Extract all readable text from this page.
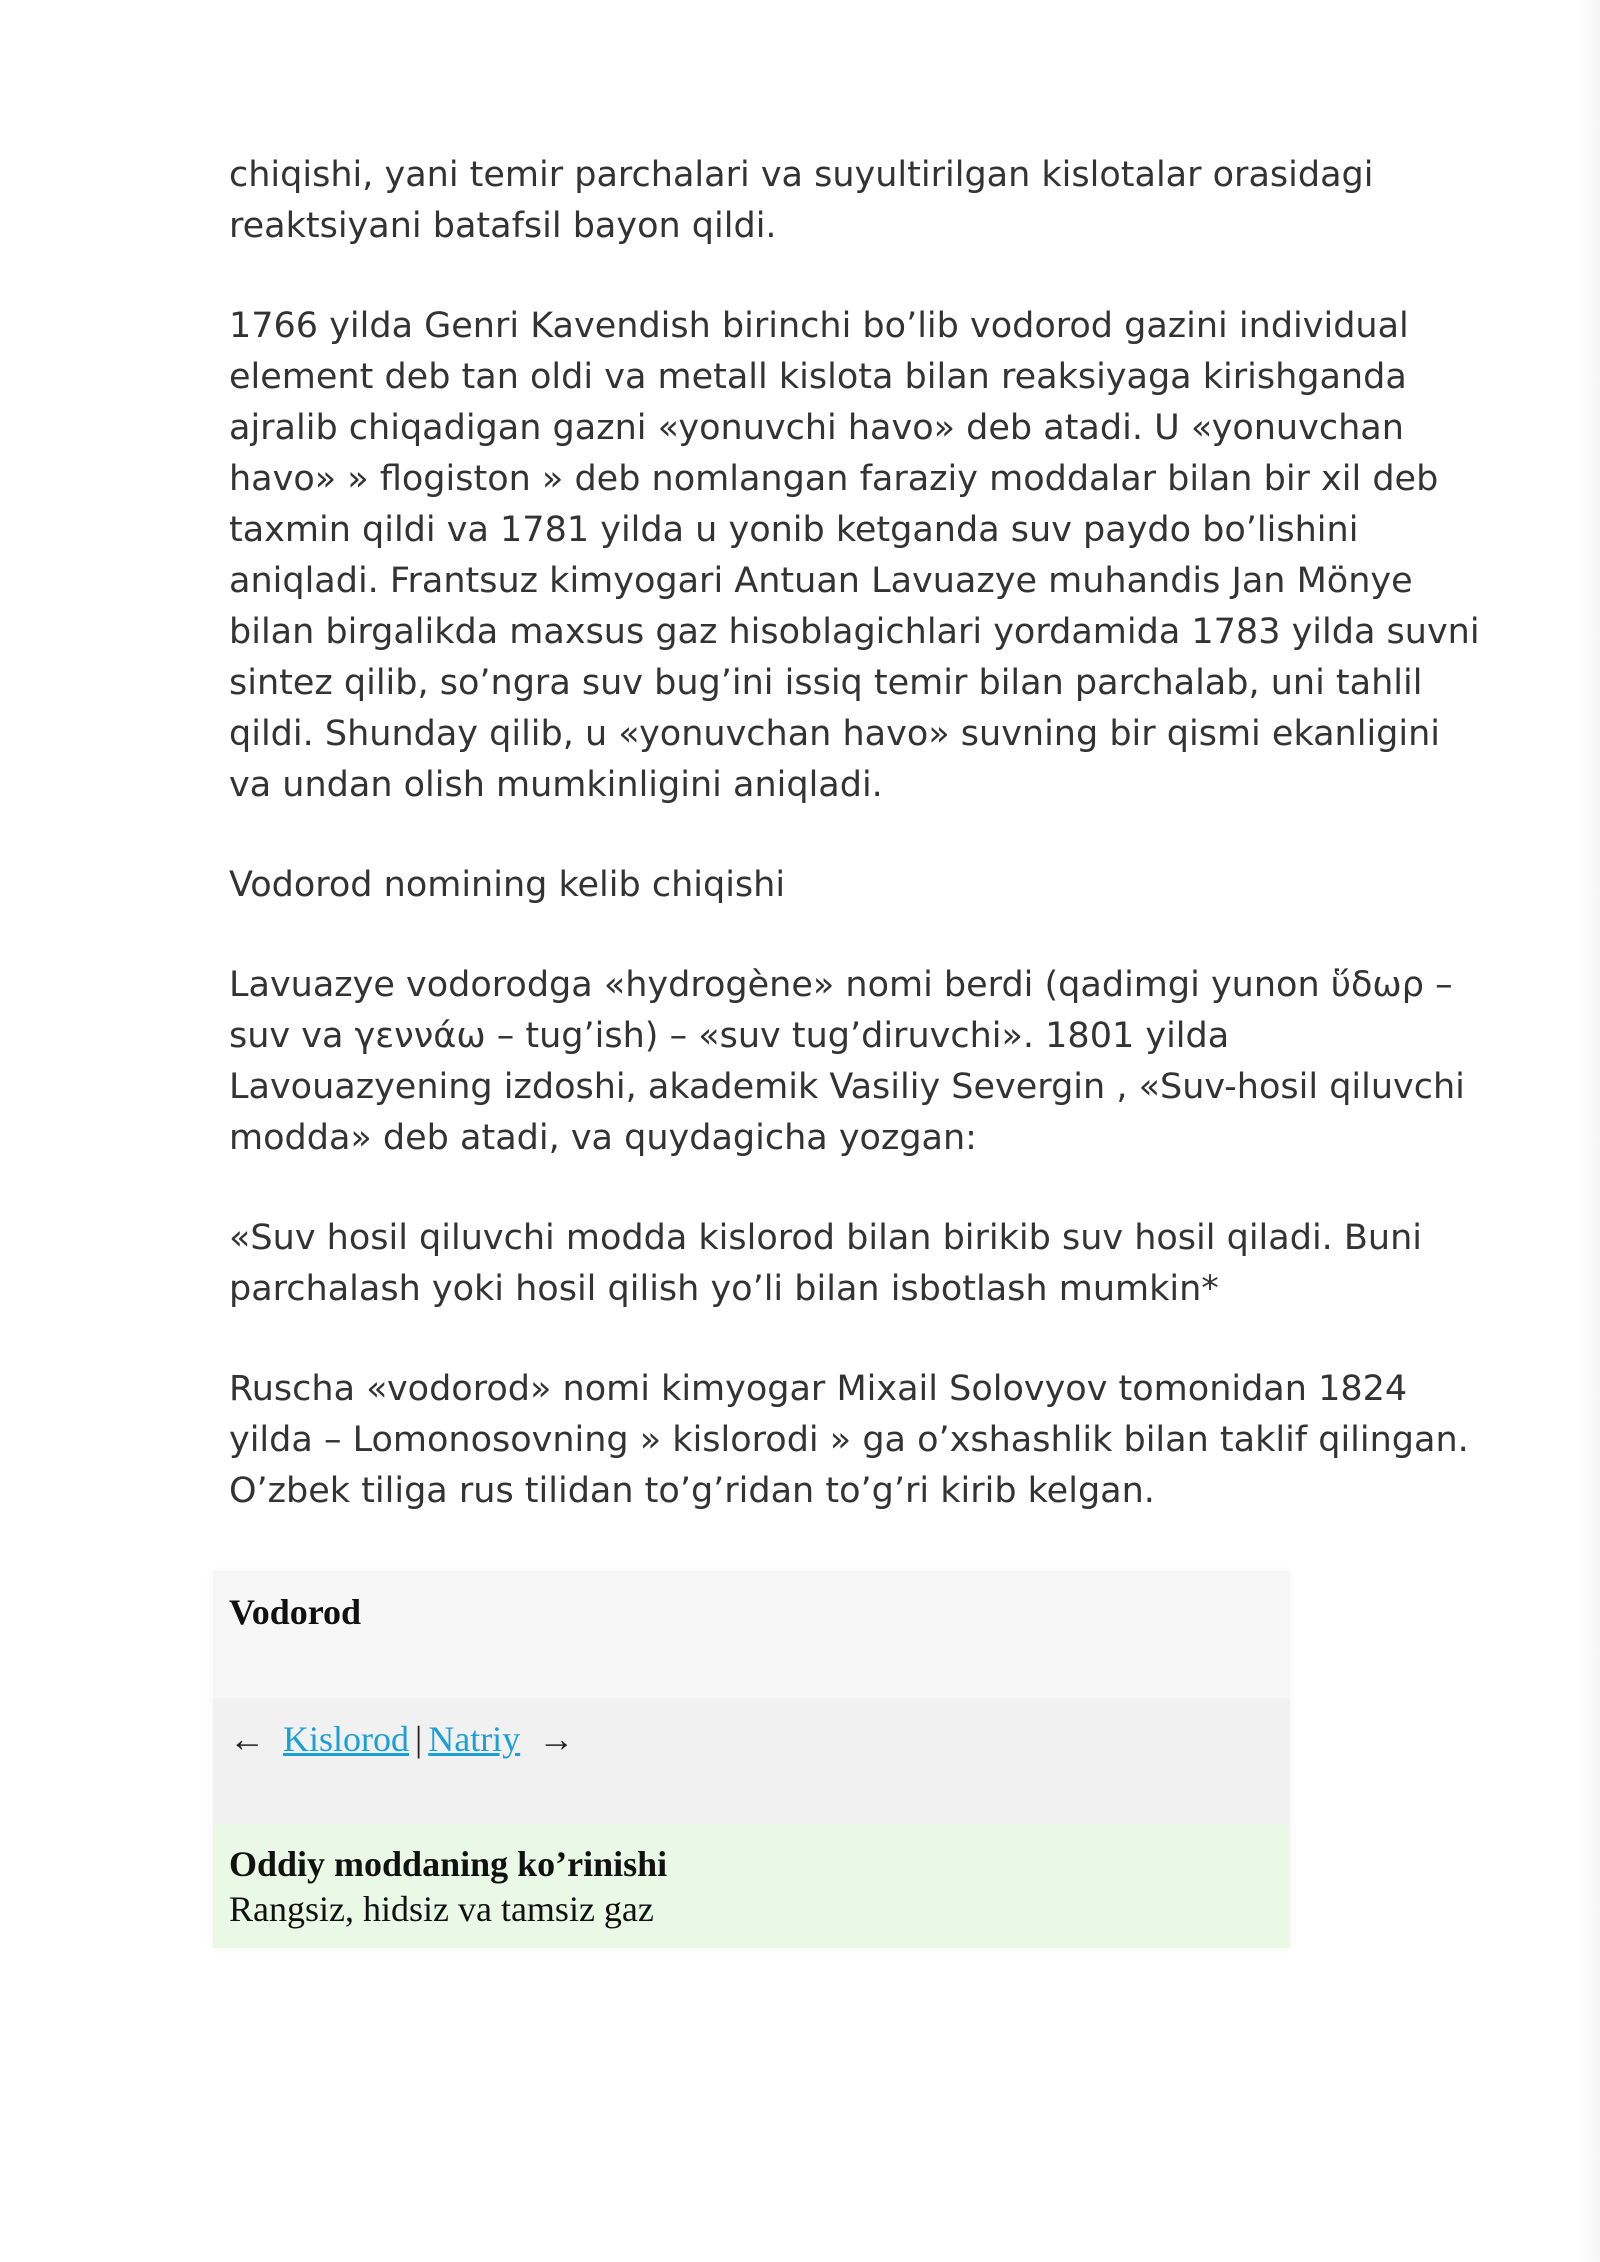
chiqishi, yani temir parchalari va suyultirilgan kislotalar orasidagi reaktsiyani batafsil bayon qildi.

1766 yilda Genri Kavendish birinchi bo’lib vodorod gazini individual element deb tan oldi va metall kislota bilan reaksiyaga kirishganda ajralib chiqadigan gazni «yonuvchi havo» deb atadi. U «yonuvchan havo» » flogiston » deb nomlangan faraziy moddalar bilan bir xil deb taxmin qildi va 1781 yilda u yonib ketganda suv paydo bo’lishini aniqladi. Frantsuz kimyogari Antuan Lavuazye muhandis Jan Mönye bilan birgalikda maxsus gaz hisoblagichlari yordamida 1783 yilda suvni sintez qilib, so’ngra suv bug’ini issiq temir bilan parchalab, uni tahlil qildi. Shunday qilib, u «yonuvchan havo» suvning bir qismi ekanligini va undan olish mumkinligini aniqladi.

Vodorod nomining kelib chiqishi

Lavuazye vodorodga «hydrogène» nomi berdi (qadimgi yunon ὕδωρ – suv va γεννάω – tug’ish) – «suv tug’diruvchi». 1801 yilda Lavouazyening izdoshi, akademik Vasiliy Severgin , «Suv-hosil qiluvchi modda» deb atadi, va quydagicha yozgan:

«Suv hosil qiluvchi modda kislorod bilan birikib suv hosil qiladi. Buni parchalash yoki hosil qilish yo’li bilan isbotlash mumkin*

Ruscha «vodorod» nomi kimyogar Mixail Solovyov tomonidan 1824 yilda – Lomonosovning » kislorodi » ga o’xshashlik bilan taklif qilingan. O’zbek tiliga rus tilidan to’g’ridan to’g’ri kirib kelgan.

Vodorod
← Kislorod | Natriy →
Oddiy moddaning ko’rinishi
Rangsiz, hidsiz va tamsiz gaz
